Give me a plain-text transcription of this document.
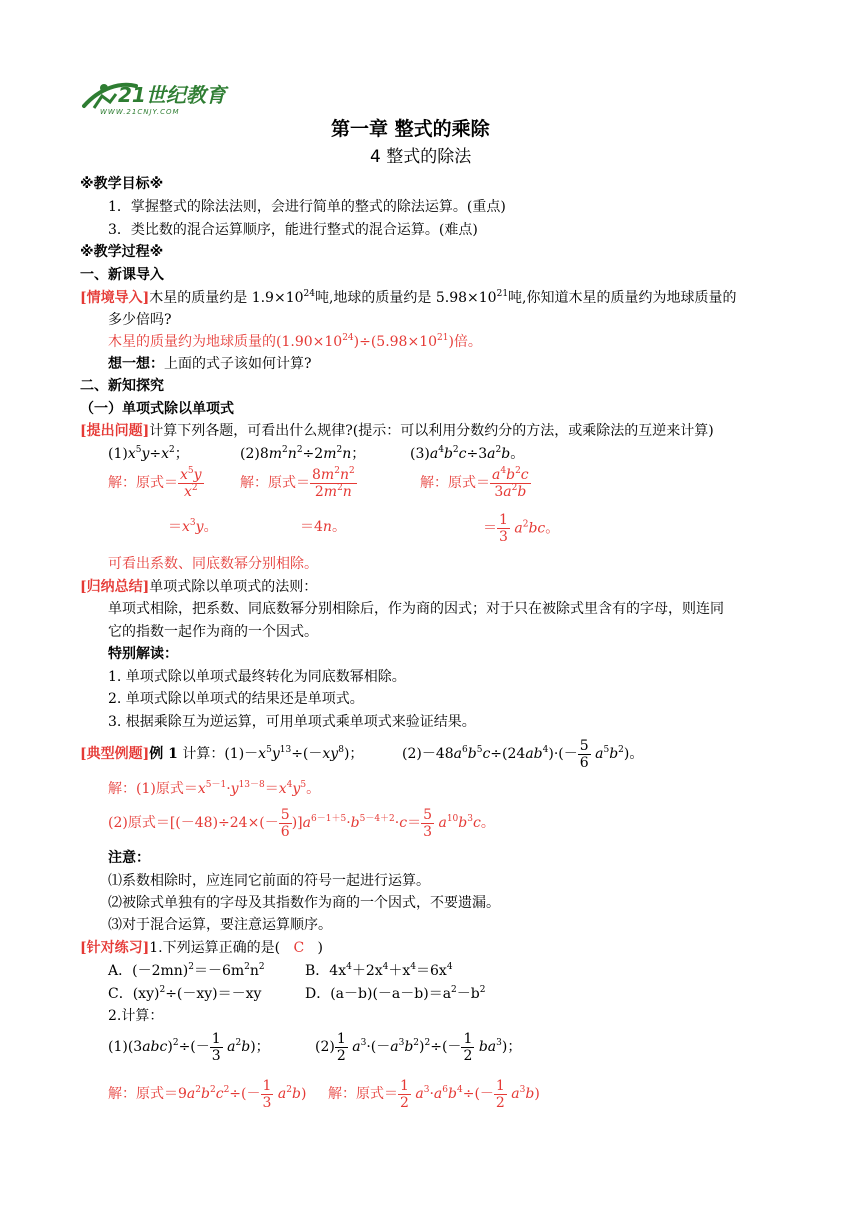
21世纪教育
WWW.21CNJY.COM
第一章 整式的乘除
4 整式的除法
※教学目标※
1．掌握整式的除法法则，会进行简单的整式的除法运算。(重点)
3．类比数的混合运算顺序，能进行整式的混合运算。(难点)
※教学过程※
一、新课导入
[情境导入]木星的质量约是 $1.9\times 10^{24}$吨,地球的质量约是 $5.98\times 10^{21}$吨,你知道木星的质量约为地球质量的
多少倍吗?
木星的质量约为地球质量的$(1.90\times 10^{24})\div(5.98\times 10^{21})$倍。
想一想：上面的式子该如何计算?
二、新知探究
（一）单项式除以单项式
[提出问题]计算下列各题，可看出什么规律?(提示：可以利用分数约分的方法，或乘除法的互逆来计算)
$(1)x^5y\div x^2$；	$(2)8m^2n^2\div 2m^2n$；	$(3)a^4b^2c\div 3a^2b$。
解：原式＝ $\frac{x^5y}{x^2}$	解：原式＝ $\frac{8m^2n^2}{2m^2n}$	解：原式＝ $\frac{a^4b^2c}{3a^2b}$
$=x^3y$。	＝4n。	＝ $\frac{1}{3} a^2bc$。
可看出系数、同底数幂分别相除。
[归纳总结]单项式除以单项式的法则：
单项式相除，把系数、同底数幂分别相除后，作为商的因式；对于只在被除式里含有的字母，则连同
它的指数一起作为商的一个因式。
特别解读：
1. 单项式除以单项式最终转化为同底数幂相除。
2. 单项式除以单项式的结果还是单项式。
3. 根据乘除互为逆运算，可用单项式乘单项式来验证结果。
[典型例题]例 1 计算：$(1)-x^5y^{13}\div(-xy^8)$；	$(2)-48a^6b^5c\div(24ab^4)\cdot(- \frac{5}{6} a^5b^2)$。
解：(1)原式$=x^{5-1}\cdot y^{13-8}=x^4y^5$。
(2)原式$=[(-48)\div 24\times(- \frac{5}{6} )]a^{6-1+5}\cdot b^{5-4+2}\cdot c= \frac{5}{3} a^{10}b^3c$。
注意：
⑴系数相除时，应连同它前面的符号一起进行运算。
⑵被除式单独有的字母及其指数作为商的一个因式，不要遗漏。
⑶对于混合运算，要注意运算顺序。
[针对练习]1.下列运算正确的是( C )
A．$(-2mn)^2=-6m^2n^2$	B．$4x^4+2x^4+x^4=6x^4$
C．(xy)$^2$÷(－xy)＝－xy	D．$(a-b)(-a-b)=a^2-b^2$
2.计算：
$(1)(3abc)^2\div(- \frac{1}{3} a^2b)$；	$(2) \frac{1}{2} a^3\cdot(-a^3b^2)^2\div(- \frac{1}{2} ba^3)$；
解：原式$=9a^2b^2c^2\div(- \frac{1}{3} a^2b)$ 解：原式＝ $\frac{1}{2} a^3\cdot a^6b^4\div(- \frac{1}{2} a^3b)$
